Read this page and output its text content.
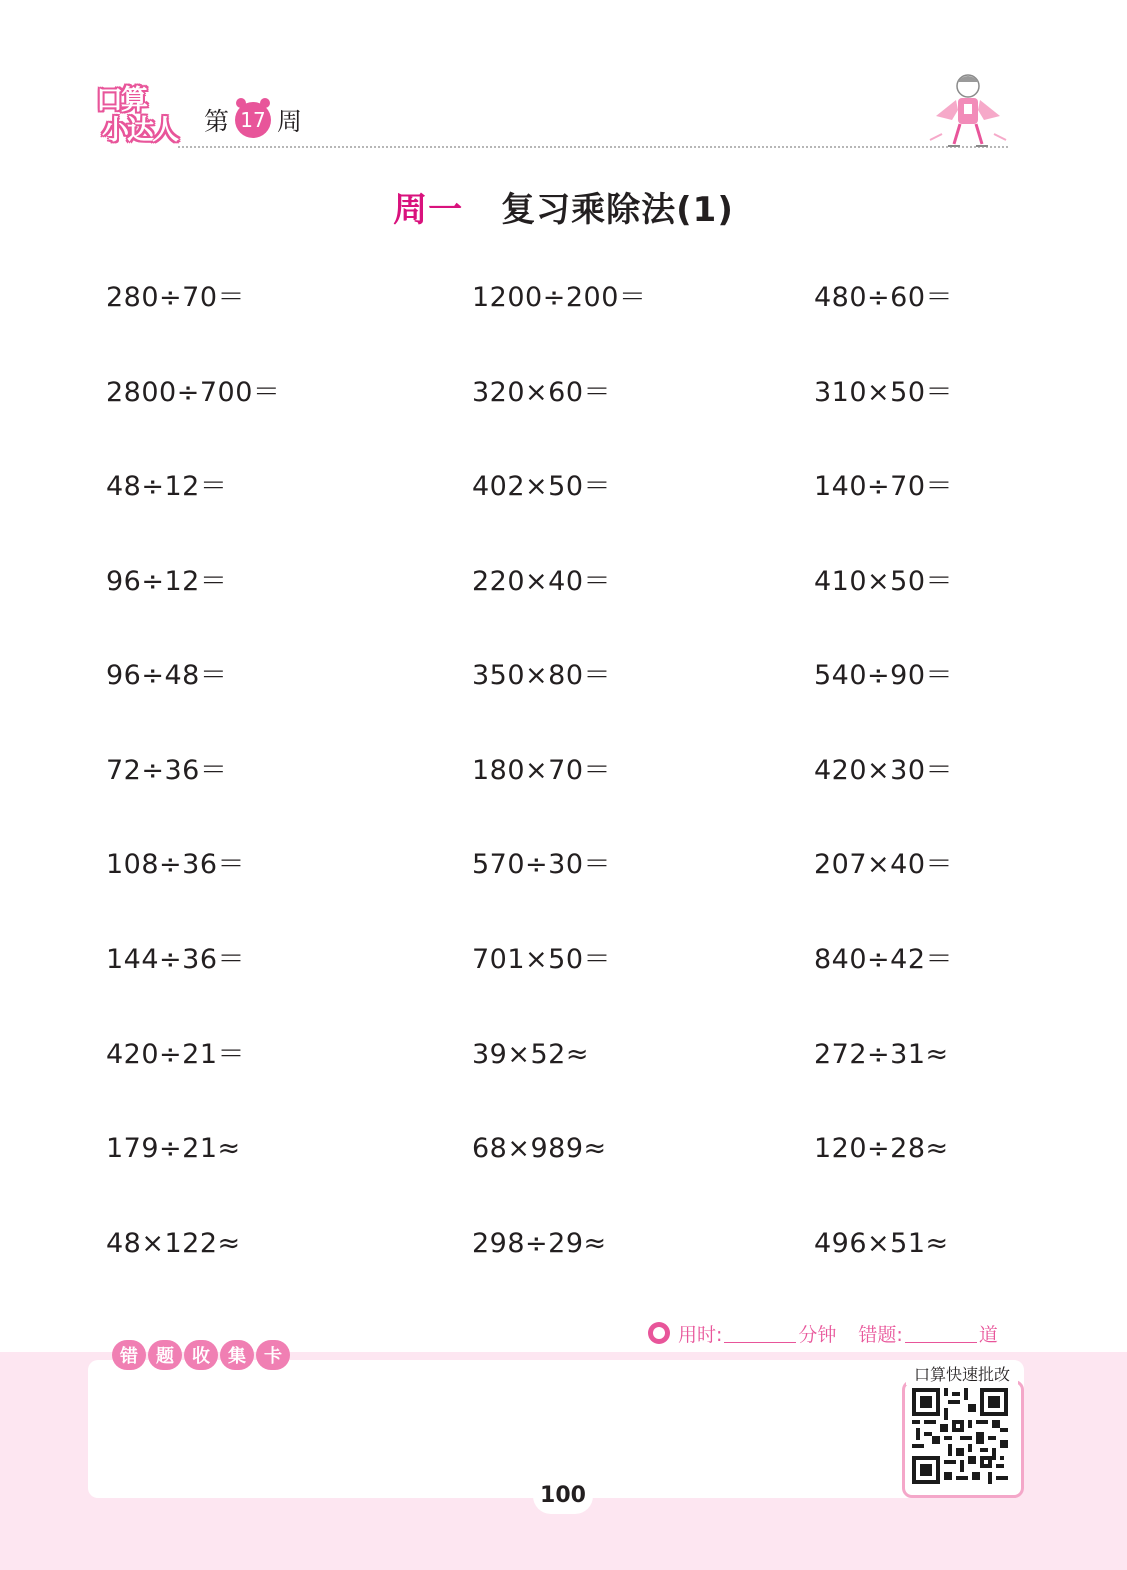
口算
小达人 第 17 周
周一 复习乘除法(1)
280÷70＝	1200÷200＝	480÷60＝
2800÷700＝	320×60＝	310×50＝
48÷12＝	402×50＝	140÷70＝
96÷12＝	220×40＝	410×50＝
96÷48＝	350×80＝	540÷90＝
72÷36＝	180×70＝	420×30＝
108÷36＝	570÷30＝	207×40＝
144÷36＝	701×50＝	840÷42＝
420÷21＝	39×52≈	272÷31≈
179÷21≈	68×989≈	120÷28≈
48×122≈	298÷29≈	496×51≈
用时:	分钟 错题:	道
错	题	收	集	卡
口算快速批改
100
